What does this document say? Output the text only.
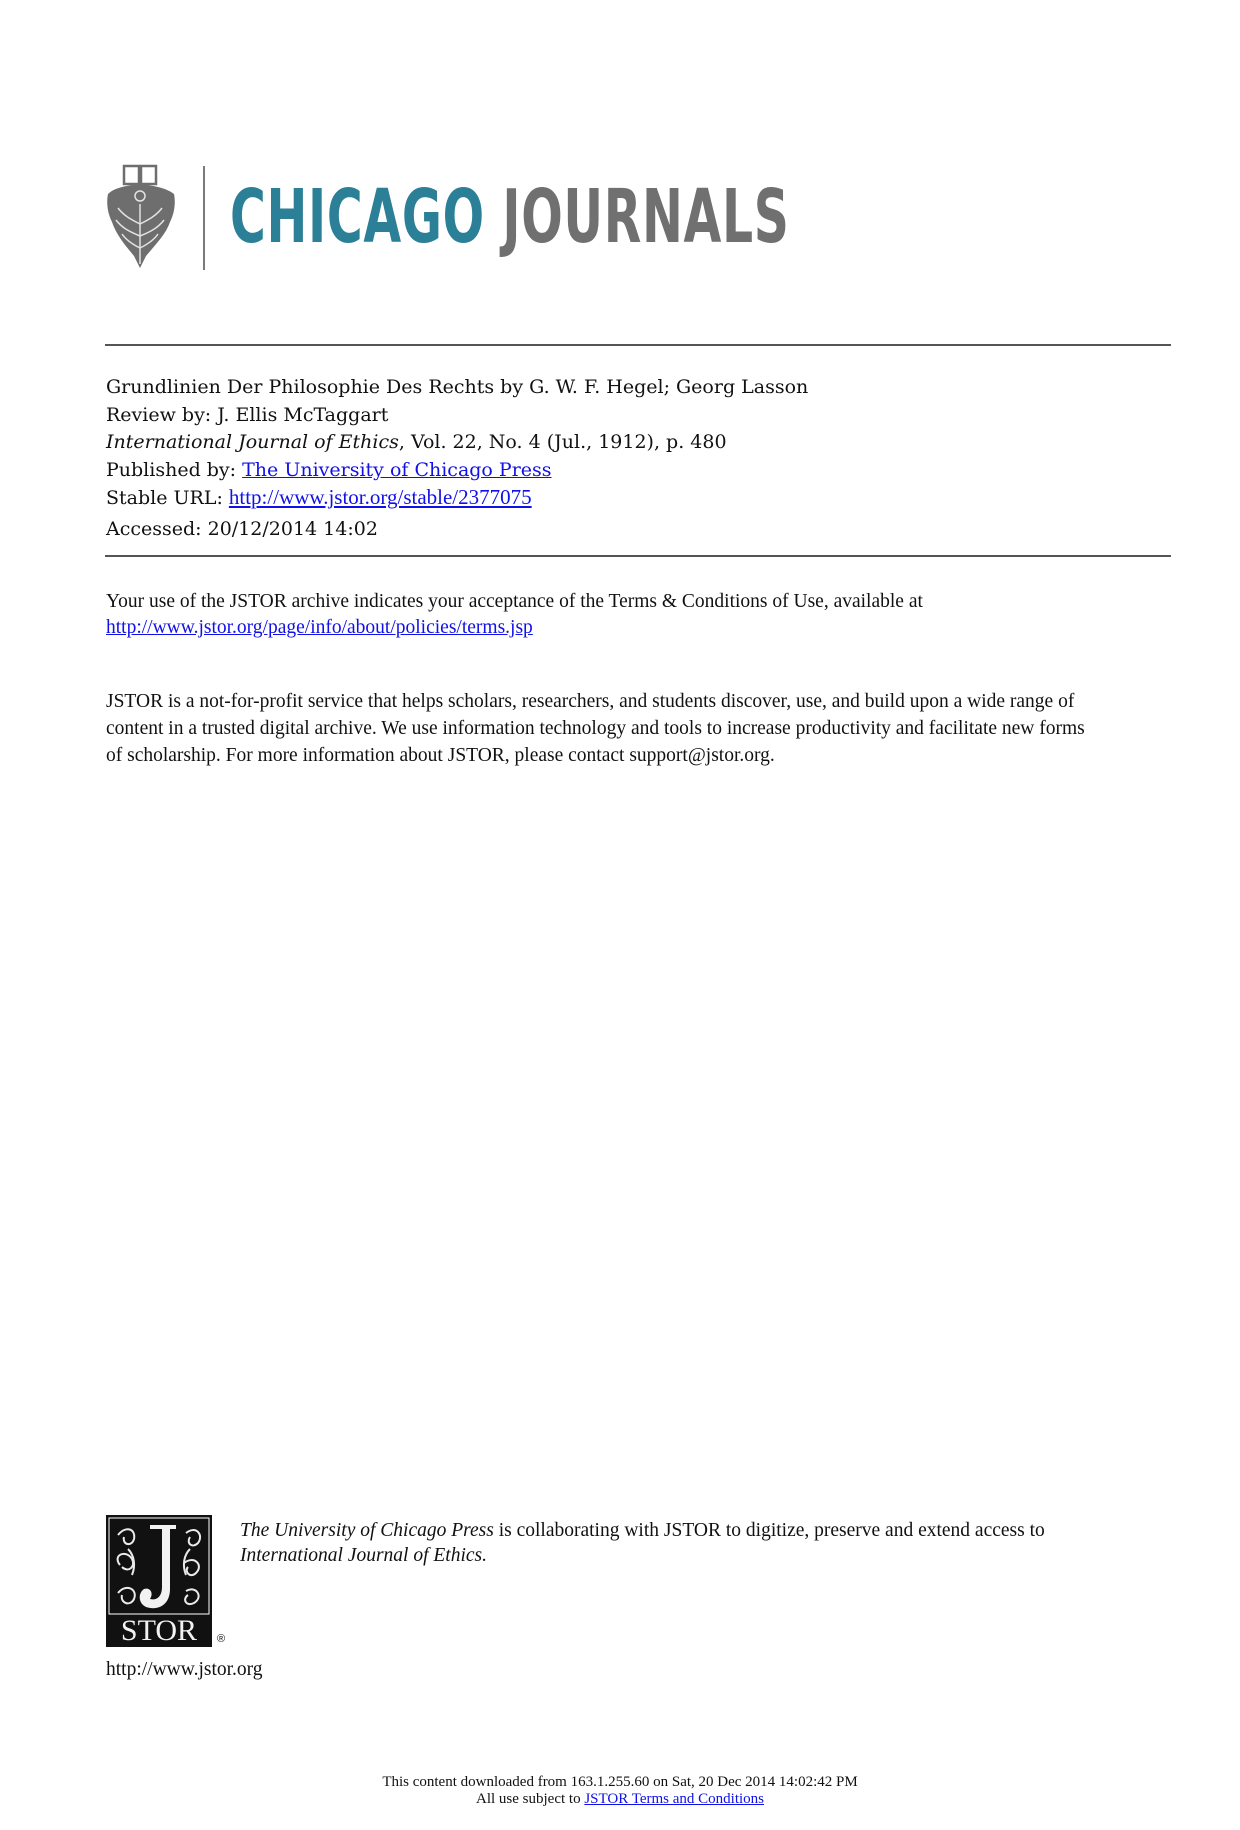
CHICAGO JOURNALS
Grundlinien Der Philosophie Des Rechts by G. W. F. Hegel; Georg Lasson
Review by: J. Ellis McTaggart
International Journal of Ethics, Vol. 22, No. 4 (Jul., 1912), p. 480
Published by: The University of Chicago Press
Stable URL: http://www.jstor.org/stable/2377075
Accessed: 20/12/2014 14:02
Your use of the JSTOR archive indicates your acceptance of the Terms & Conditions of Use, available at
http://www.jstor.org/page/info/about/policies/terms.jsp
JSTOR is a not-for-profit service that helps scholars, researchers, and students discover, use, and build upon a wide range of
content in a trusted digital archive. We use information technology and tools to increase productivity and facilitate new forms
of scholarship. For more information about JSTOR, please contact support@jstor.org.
STOR ®
The University of Chicago Press is collaborating with JSTOR to digitize, preserve and extend access to
International Journal of Ethics.
http://www.jstor.org
This content downloaded from 163.1.255.60 on Sat, 20 Dec 2014 14:02:42 PM
All use subject to JSTOR Terms and Conditions
